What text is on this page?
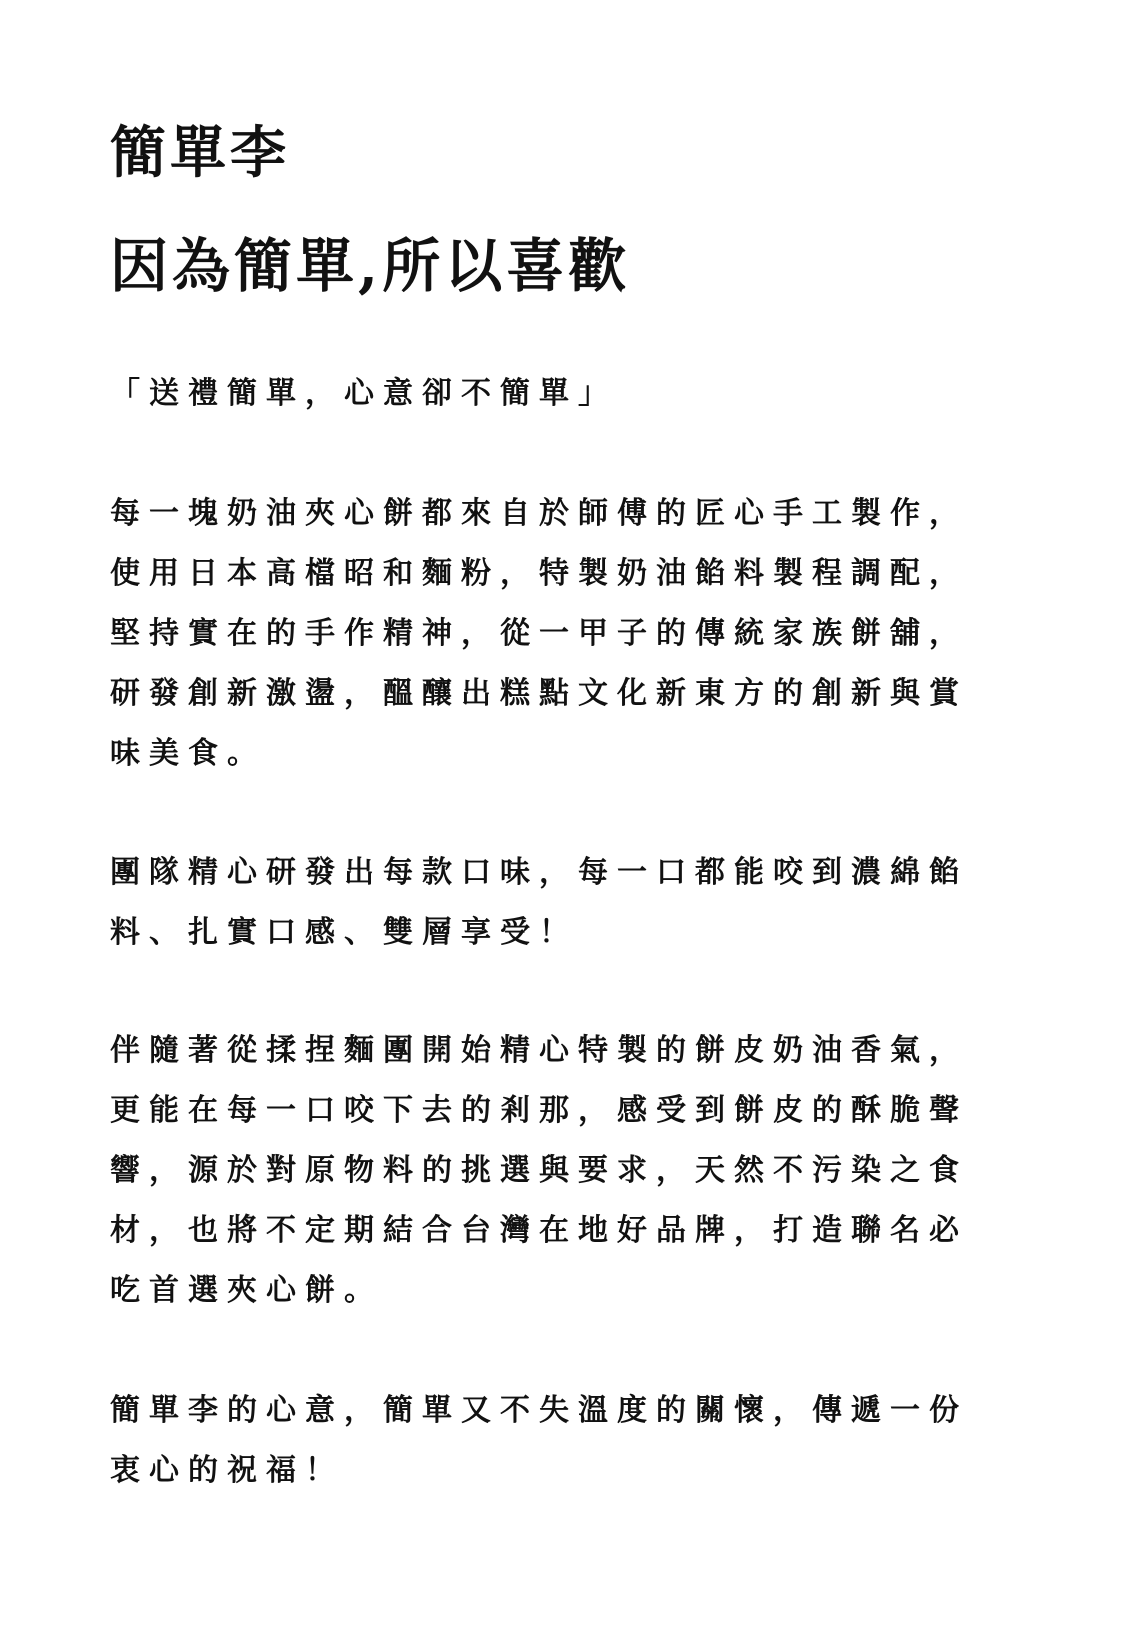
簡單李
因為簡單,所以喜歡

「送禮簡單，心意卻不簡單」

每一塊奶油夾心餅都來自於師傅的匠心手工製作，
使用日本高檔昭和麵粉，特製奶油餡料製程調配，
堅持實在的手作精神，從一甲子的傳統家族餅舖，
研發創新激盪，醞釀出糕點文化新東方的創新與賞
味美食。

團隊精心研發出每款口味，每一口都能咬到濃綿餡
料、扎實口感、雙層享受！

伴隨著從揉捏麵團開始精心特製的餅皮奶油香氣，
更能在每一口咬下去的剎那，感受到餅皮的酥脆聲
響，源於對原物料的挑選與要求，天然不污染之食
材，也將不定期結合台灣在地好品牌，打造聯名必
吃首選夾心餅。

簡單李的心意，簡單又不失溫度的關懷，傳遞一份
衷心的祝福！
